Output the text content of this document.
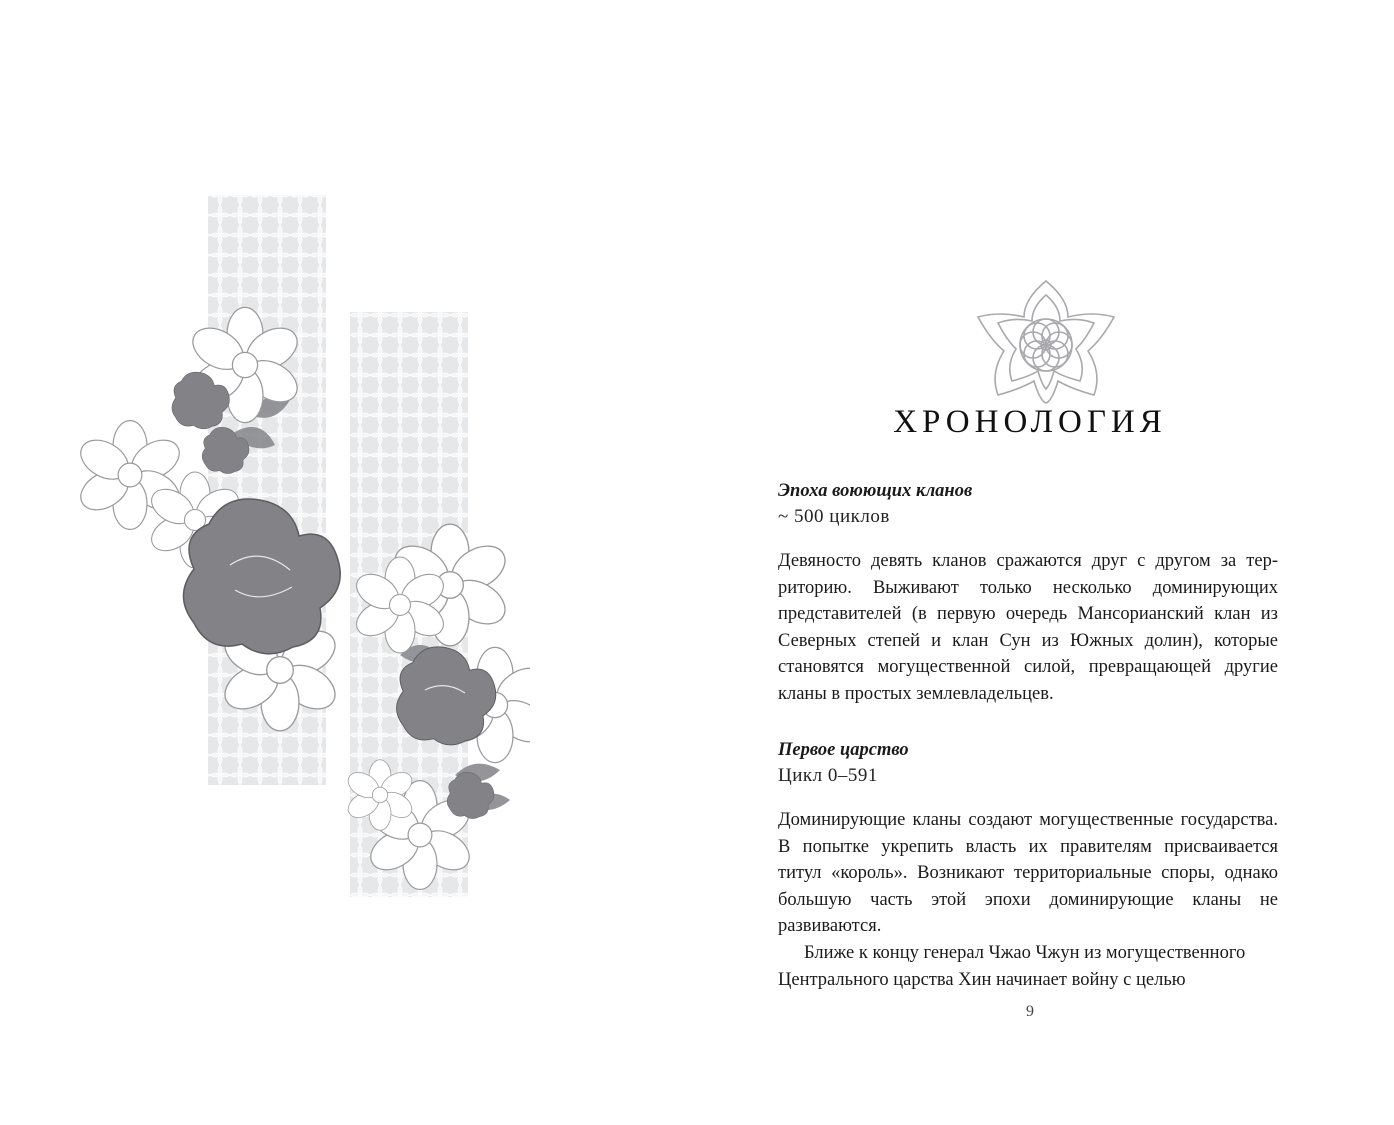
ХРОНОЛОГИЯ
Эпоха воюющих кланов
~ 500 циклов

Девяносто девять кланов сражаются друг с другом за территорию. Выживают только несколько доминирующих представителей (в первую очередь Мансорианский клан из Северных степей и клан Сун из Южных долин), которые становятся могущественной силой, превращающей другие кланы в простых землевладельцев.

Первое царство
Цикл 0–591

Доминирующие кланы создают могущественные государства. В попытке укрепить власть их правителям присваивается титул «король». Возникают территориальные споры, однако большую часть этой эпохи доминирующие кланы не развиваются.

Ближе к концу генерал Чжао Чжун из могущественного Центрального царства Хин начинает войну с целью

9
